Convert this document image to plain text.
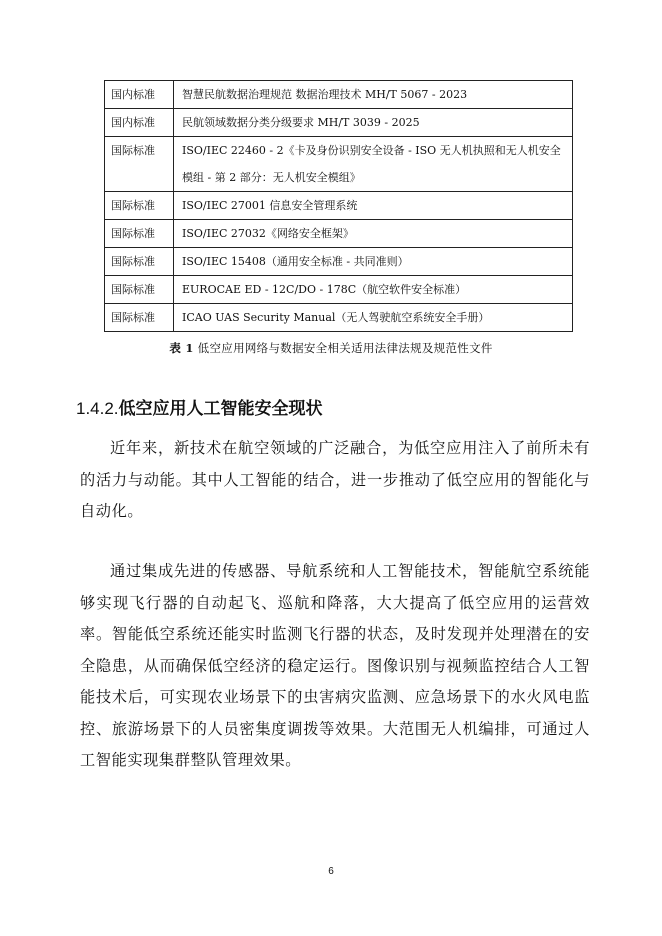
国内标准	智慧民航数据治理规范 数据治理技术 MH/T 5067 - 2023
国内标准	民航领域数据分类分级要求 MH/T 3039 - 2025
国际标准	ISO/IEC 22460 - 2《卡及身份识别安全设备 - ISO 无人机执照和无人机安全模组 - 第 2 部分：无人机安全模组》
国际标准	ISO/IEC 27001 信息安全管理系统
国际标准	ISO/IEC 27032《网络安全框架》
国际标准	ISO/IEC 15408（通用安全标准 - 共同准则）
国际标准	EUROCAE ED - 12C/DO - 178C（航空软件安全标准）
国际标准	ICAO UAS Security Manual（无人驾驶航空系统安全手册）
表 1 低空应用网络与数据安全相关适用法律法规及规范性文件
1.4.2.低空应用人工智能安全现状

近年来，新技术在航空领域的广泛融合，为低空应用注入了前所未有的活力与动能。其中人工智能的结合，进一步推动了低空应用的智能化与自动化。

通过集成先进的传感器、导航系统和人工智能技术，智能航空系统能够实现飞行器的自动起飞、巡航和降落，大大提高了低空应用的运营效率。智能低空系统还能实时监测飞行器的状态，及时发现并处理潜在的安全隐患，从而确保低空经济的稳定运行。图像识别与视频监控结合人工智能技术后，可实现农业场景下的虫害病灾监测、应急场景下的水火风电监控、旅游场景下的人员密集度调拨等效果。大范围无人机编排，可通过人工智能实现集群整队管理效果。

6
